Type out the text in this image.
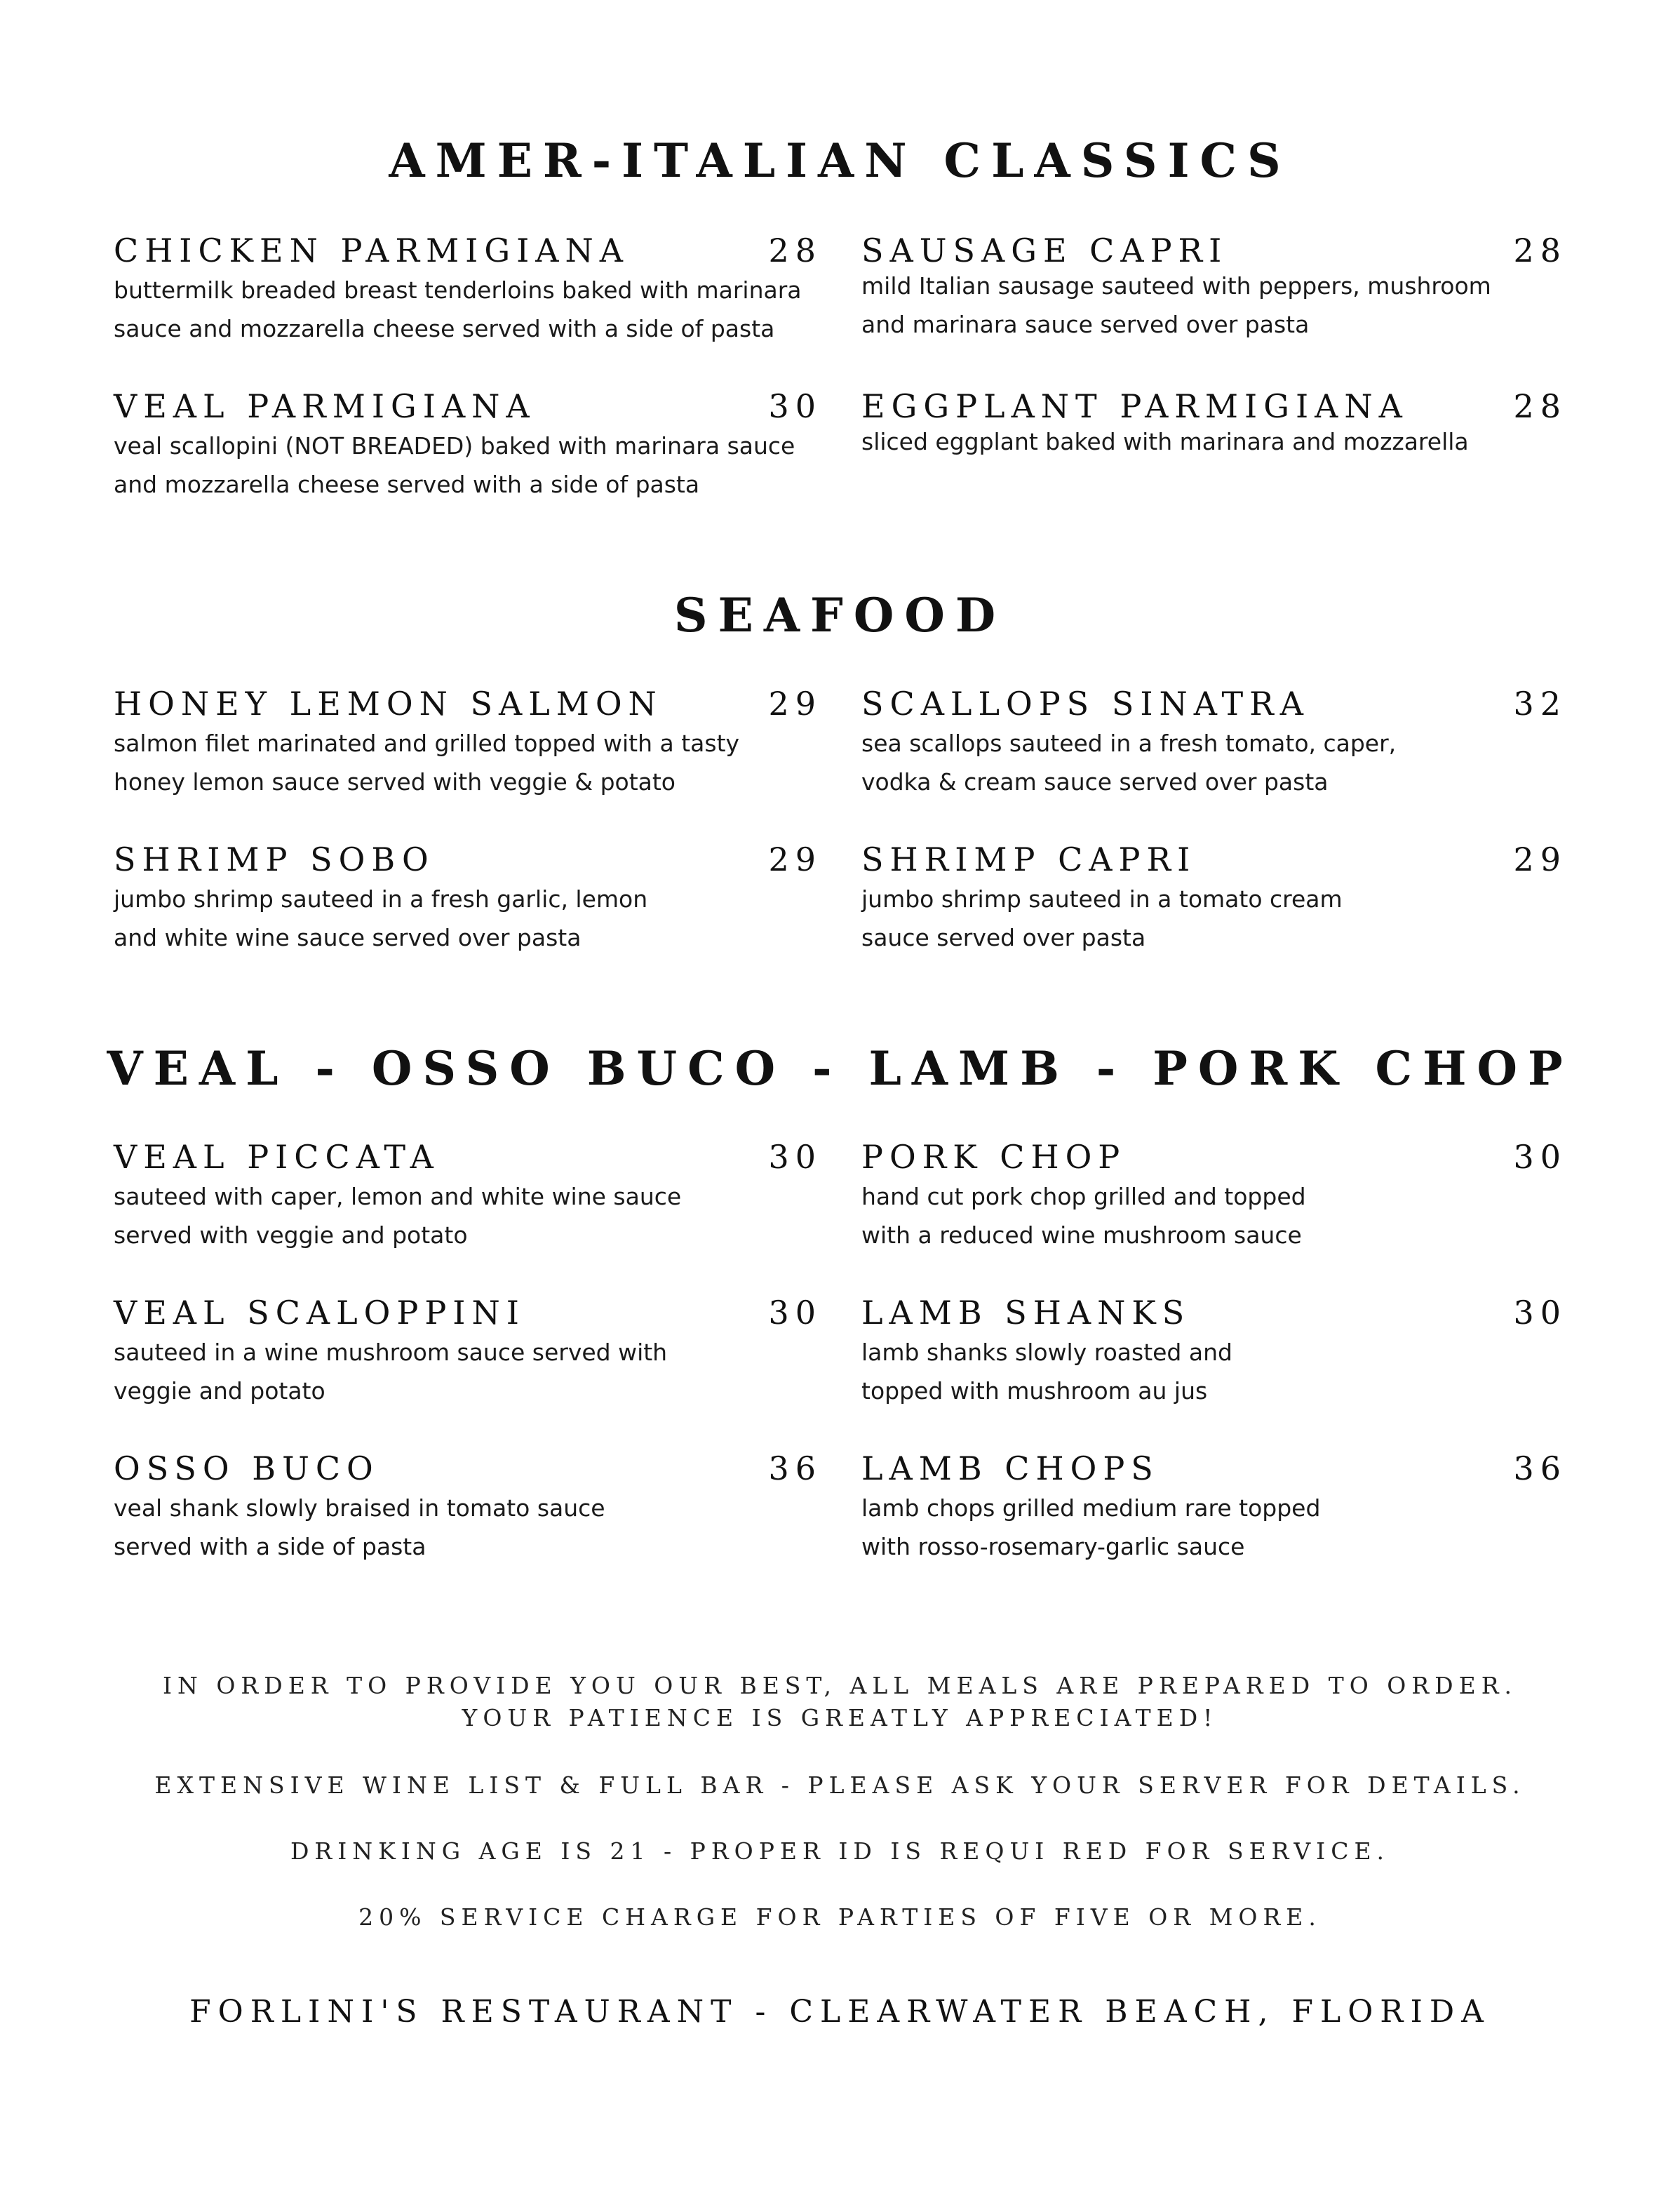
AMER-ITALIAN CLASSICS
CHICKEN PARMIGIANA	28
buttermilk breaded breast tenderloins baked with marinara
sauce and mozzarella cheese served with a side of pasta
SAUSAGE CAPRI	28
mild Italian sausage sauteed with peppers, mushroom
and marinara sauce served over pasta
VEAL PARMIGIANA	30
veal scallopini (NOT BREADED) baked with marinara sauce
and mozzarella cheese served with a side of pasta
EGGPLANT PARMIGIANA	28
sliced eggplant baked with marinara and mozzarella
SEAFOOD
HONEY LEMON SALMON	29
salmon filet marinated and grilled topped with a tasty
honey lemon sauce served with veggie & potato
SCALLOPS SINATRA	32
sea scallops sauteed in a fresh tomato, caper,
vodka & cream sauce served over pasta
SHRIMP SOBO	29
jumbo shrimp sauteed in a fresh garlic, lemon
and white wine sauce served over pasta
SHRIMP CAPRI	29
jumbo shrimp sauteed in a tomato cream
sauce served over pasta
VEAL - OSSO BUCO - LAMB - PORK CHOP
VEAL PICCATA	30
sauteed with caper, lemon and white wine sauce
served with veggie and potato
PORK CHOP	30
hand cut pork chop grilled and topped
with a reduced wine mushroom sauce
VEAL SCALOPPINI	30
sauteed in a wine mushroom sauce served with
veggie and potato
LAMB SHANKS	30
lamb shanks slowly roasted and
topped with mushroom au jus
OSSO BUCO	36
veal shank slowly braised in tomato sauce
served with a side of pasta
LAMB CHOPS	36
lamb chops grilled medium rare topped
with rosso-rosemary-garlic sauce
IN ORDER TO PROVIDE YOU OUR BEST, ALL MEALS ARE PREPARED TO ORDER.
YOUR PATIENCE IS GREATLY APPRECIATED!
EXTENSIVE WINE LIST & FULL BAR - PLEASE ASK YOUR SERVER FOR DETAILS.
DRINKING AGE IS 21 - PROPER ID IS REQUI RED FOR SERVICE.
20% SERVICE CHARGE FOR PARTIES OF FIVE OR MORE.
FORLINI'S RESTAURANT - CLEARWATER BEACH, FLORIDA
